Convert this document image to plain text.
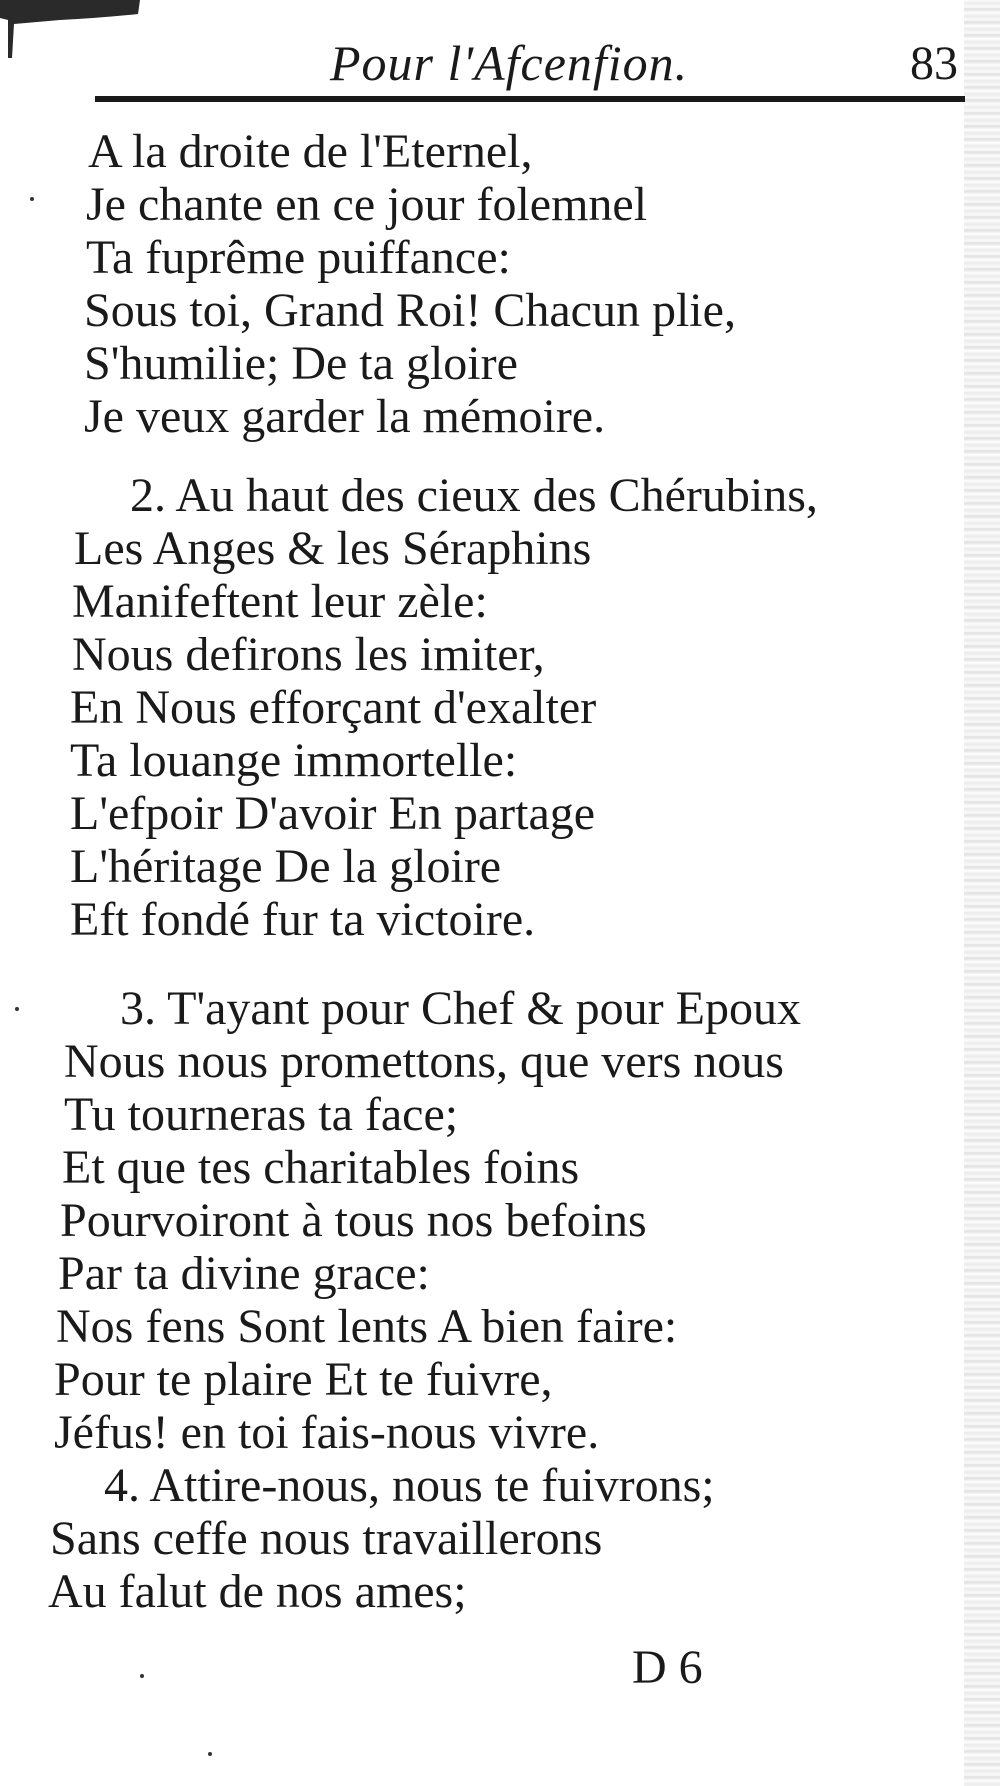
Pour l'Afcenfion.	83
A la droite de l'Eternel,
Je chante en ce jour folemnel
Ta fuprême puiffance:
Sous toi, Grand Roi! Chacun plie,
S'humilie; De ta gloire
Je veux garder la mémoire.
2. Au haut des cieux des Chérubins,
Les Anges & les Séraphins
Manifeftent leur zèle:
Nous defirons les imiter,
En Nous efforçant d'exalter
Ta louange immortelle:
L'efpoir D'avoir En partage
L'héritage De la gloire
Eft fondé fur ta victoire.
3. T'ayant pour Chef & pour Epoux
Nous nous promettons, que vers nous
Tu tourneras ta face;
Et que tes charitables foins
Pourvoiront à tous nos befoins
Par ta divine grace:
Nos fens Sont lents A bien faire:
Pour te plaire Et te fuivre,
Jéfus! en toi fais-nous vivre.
4. Attire-nous, nous te fuivrons;
Sans ceffe nous travaillerons
Au falut de nos ames;
D 6
